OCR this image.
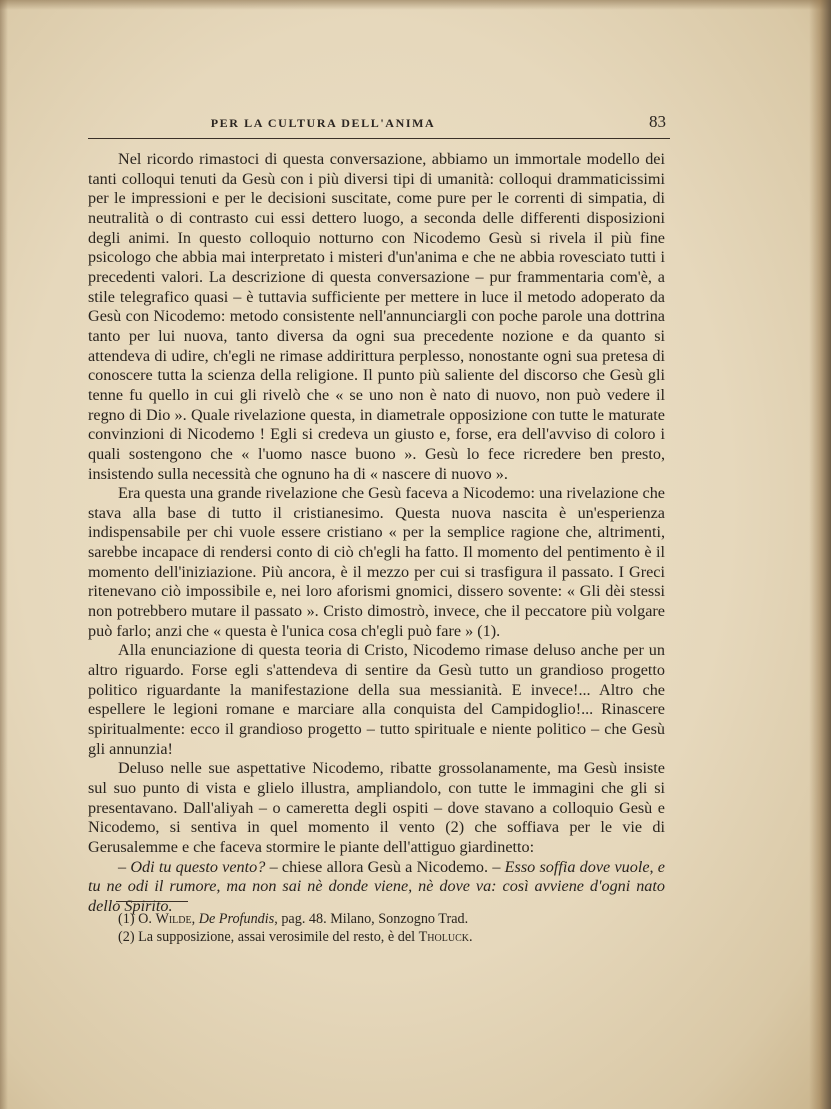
PER LA CULTURA DELL'ANIMA	83

Nel ricordo rimastoci di questa conversazione, abbiamo un immortale modello dei tanti colloqui tenuti da Gesù con i più diversi tipi di umanità: colloqui drammaticissimi per le impressioni e per le decisioni suscitate, come pure per le correnti di simpatia, di neutralità o di contrasto cui essi dettero luogo, a seconda delle differenti disposizioni degli animi. In questo colloquio notturno con Nicodemo Gesù si rivela il più fine psicologo che abbia mai interpretato i misteri d'un'anima e che ne abbia rovesciato tutti i precedenti valori. La descrizione di questa conversazione – pur frammentaria com'è, a stile telegrafico quasi – è tuttavia sufficiente per mettere in luce il metodo adoperato da Gesù con Nicodemo: metodo consistente nell'annunciargli con poche parole una dottrina tanto per lui nuova, tanto diversa da ogni sua precedente nozione e da quanto si attendeva di udire, ch'egli ne rimase addirittura perplesso, nonostante ogni sua pretesa di conoscere tutta la scienza della religione. Il punto più saliente del discorso che Gesù gli tenne fu quello in cui gli rivelò che « se uno non è nato di nuovo, non può vedere il regno di Dio ». Quale rivelazione questa, in diametrale opposizione con tutte le maturate convinzioni di Nicodemo ! Egli si credeva un giusto e, forse, era dell'avviso di coloro i quali sostengono che « l'uomo nasce buono ». Gesù lo fece ricredere ben presto, insistendo sulla necessità che ognuno ha di « nascere di nuovo ».

Era questa una grande rivelazione che Gesù faceva a Nicodemo: una rivelazione che stava alla base di tutto il cristianesimo. Questa nuova nascita è un'esperienza indispensabile per chi vuole essere cristiano « per la semplice ragione che, altrimenti, sarebbe incapace di rendersi conto di ciò ch'egli ha fatto. Il momento del pentimento è il momento dell'iniziazione. Più ancora, è il mezzo per cui si trasfigura il passato. I Greci ritenevano ciò impossibile e, nei loro aforismi gnomici, dissero sovente: « Gli dèi stessi non potrebbero mutare il passato ». Cristo dimostrò, invece, che il peccatore più volgare può farlo; anzi che « questa è l'unica cosa ch'egli può fare » (1).

Alla enunciazione di questa teoria di Cristo, Nicodemo rimase deluso anche per un altro riguardo. Forse egli s'attendeva di sentire da Gesù tutto un grandioso progetto politico riguardante la manifestazione della sua messianità. E invece!... Altro che espellere le legioni romane e marciare alla conquista del Campidoglio!... Rinascere spiritualmente: ecco il grandioso progetto – tutto spirituale e niente politico – che Gesù gli annunzia!

Deluso nelle sue aspettative Nicodemo, ribatte grossolanamente, ma Gesù insiste sul suo punto di vista e glielo illustra, ampliandolo, con tutte le immagini che gli si presentavano. Dall'aliyah – o cameretta degli ospiti – dove stavano a colloquio Gesù e Nicodemo, si sentiva in quel momento il vento (2) che soffiava per le vie di Gerusalemme e che faceva stormire le piante dell'attiguo giardinetto:

– Odi tu questo vento? – chiese allora Gesù a Nicodemo. – Esso soffia dove vuole, e tu ne odi il rumore, ma non sai nè donde viene, nè dove va: così avviene d'ogni nato dello Spirito.

(1) O. Wilde, De Profundis, pag. 48. Milano, Sonzogno Trad.
(2) La supposizione, assai verosimile del resto, è del Tholuck.
